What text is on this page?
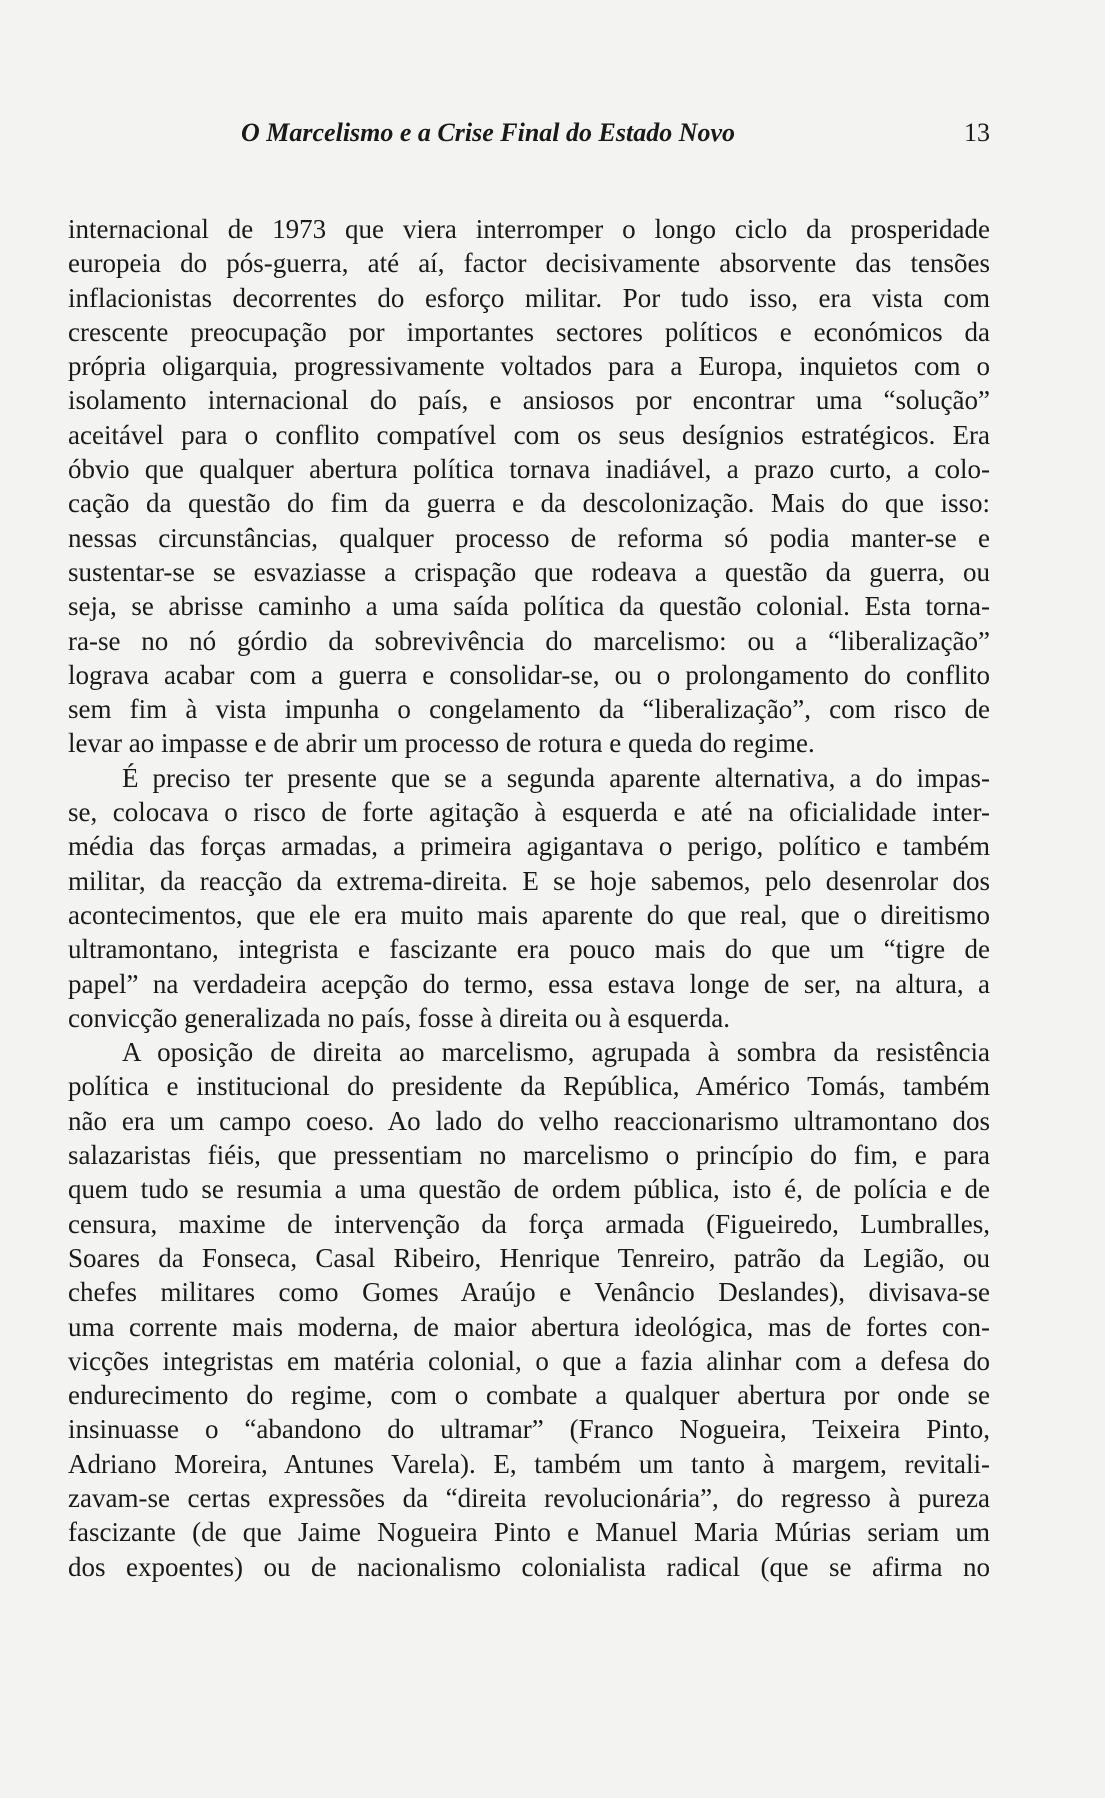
O Marcelismo e a Crise Final do Estado Novo	13
internacional de 1973 que viera interromper o longo ciclo da prosperidade
europeia do pós-guerra, até aí, factor decisivamente absorvente das tensões
inflacionistas decorrentes do esforço militar. Por tudo isso, era vista com
crescente preocupação por importantes sectores políticos e económicos da
própria oligarquia, progressivamente voltados para a Europa, inquietos com o
isolamento internacional do país, e ansiosos por encontrar uma “solução”
aceitável para o conflito compatível com os seus desígnios estratégicos. Era
óbvio que qualquer abertura política tornava inadiável, a prazo curto, a colo-
cação da questão do fim da guerra e da descolonização. Mais do que isso:
nessas circunstâncias, qualquer processo de reforma só podia manter-se e
sustentar-se se esvaziasse a crispação que rodeava a questão da guerra, ou
seja, se abrisse caminho a uma saída política da questão colonial. Esta torna-
ra-se no nó górdio da sobrevivência do marcelismo: ou a “liberalização”
lograva acabar com a guerra e consolidar-se, ou o prolongamento do conflito
sem fim à vista impunha o congelamento da “liberalização”, com risco de
levar ao impasse e de abrir um processo de rotura e queda do regime.
É preciso ter presente que se a segunda aparente alternativa, a do impas-
se, colocava o risco de forte agitação à esquerda e até na oficialidade inter-
média das forças armadas, a primeira agigantava o perigo, político e também
militar, da reacção da extrema-direita. E se hoje sabemos, pelo desenrolar dos
acontecimentos, que ele era muito mais aparente do que real, que o direitismo
ultramontano, integrista e fascizante era pouco mais do que um “tigre de
papel” na verdadeira acepção do termo, essa estava longe de ser, na altura, a
convicção generalizada no país, fosse à direita ou à esquerda.
A oposição de direita ao marcelismo, agrupada à sombra da resistência
política e institucional do presidente da República, Américo Tomás, também
não era um campo coeso. Ao lado do velho reaccionarismo ultramontano dos
salazaristas fiéis, que pressentiam no marcelismo o princípio do fim, e para
quem tudo se resumia a uma questão de ordem pública, isto é, de polícia e de
censura, maxime de intervenção da força armada (Figueiredo, Lumbralles,
Soares da Fonseca, Casal Ribeiro, Henrique Tenreiro, patrão da Legião, ou
chefes militares como Gomes Araújo e Venâncio Deslandes), divisava-se
uma corrente mais moderna, de maior abertura ideológica, mas de fortes con-
vicções integristas em matéria colonial, o que a fazia alinhar com a defesa do
endurecimento do regime, com o combate a qualquer abertura por onde se
insinuasse o “abandono do ultramar” (Franco Nogueira, Teixeira Pinto,
Adriano Moreira, Antunes Varela). E, também um tanto à margem, revitali-
zavam-se certas expressões da “direita revolucionária”, do regresso à pureza
fascizante (de que Jaime Nogueira Pinto e Manuel Maria Múrias seriam um
dos expoentes) ou de nacionalismo colonialista radical (que se afirma no
